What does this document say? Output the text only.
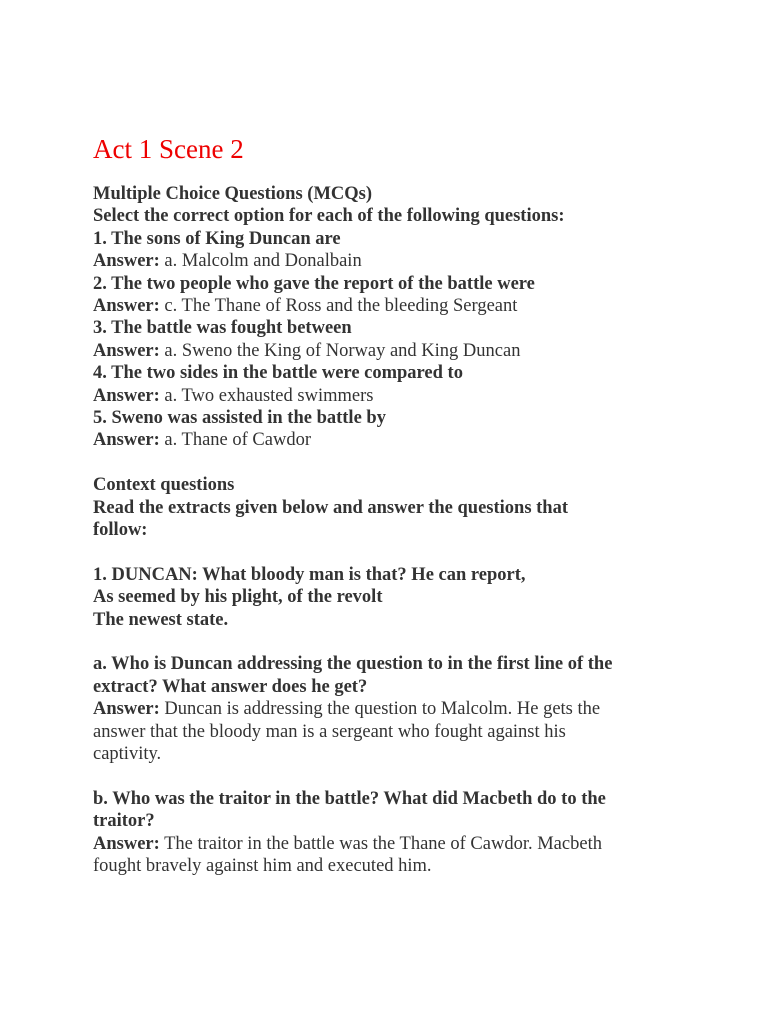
Act 1 Scene 2

Multiple Choice Questions (MCQs)

Select the correct option for each of the following questions:

1. The sons of King Duncan are

Answer: a. Malcolm and Donalbain

2. The two people who gave the report of the battle were

Answer: c. The Thane of Ross and the bleeding Sergeant

3. The battle was fought between

Answer: a. Sweno the King of Norway and King Duncan

4. The two sides in the battle were compared to

Answer: a. Two exhausted swimmers

5. Sweno was assisted in the battle by

Answer: a. Thane of Cawdor

Context questions

Read the extracts given below and answer the questions that

follow:

1. DUNCAN: What bloody man is that? He can report,

As seemed by his plight, of the revolt

The newest state.

a. Who is Duncan addressing the question to in the first line of the

extract? What answer does he get?

Answer: Duncan is addressing the question to Malcolm. He gets the

answer that the bloody man is a sergeant who fought against his

captivity.

b. Who was the traitor in the battle? What did Macbeth do to the

traitor?

Answer: The traitor in the battle was the Thane of Cawdor. Macbeth

fought bravely against him and executed him.
